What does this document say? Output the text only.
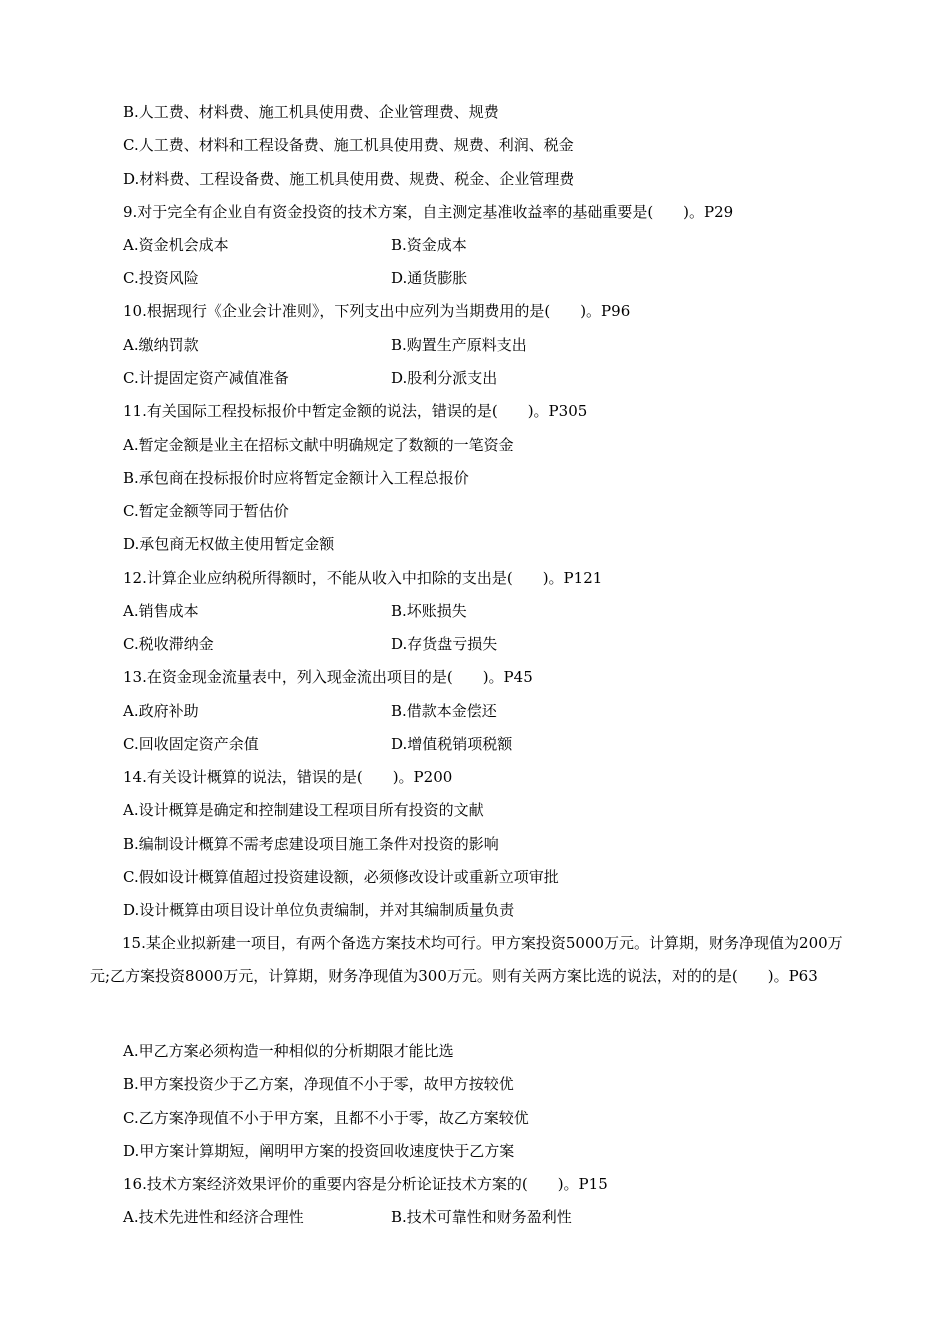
B.人工费、材料费、施工机具使用费、企业管理费、规费
C.人工费、材料和工程设备费、施工机具使用费、规费、利润、税金
D.材料费、工程设备费、施工机具使用费、规费、税金、企业管理费
9.对于完全有企业自有资金投资的技术方案，自主测定基准收益率的基础重要是(　　)。P29
A.资金机会成本	B.资金成本
C.投资风险	D.通货膨胀
10.根据现行《企业会计准则》，下列支出中应列为当期费用的是(　　)。P96
A.缴纳罚款	B.购置生产原料支出
C.计提固定资产减值准备	D.股利分派支出
11.有关国际工程投标报价中暂定金额的说法，错误的是(　　)。P305
A.暂定金额是业主在招标文献中明确规定了数额的一笔资金
B.承包商在投标报价时应将暂定金额计入工程总报价
C.暂定金额等同于暂估价
D.承包商无权做主使用暂定金额
12.计算企业应纳税所得额时，不能从收入中扣除的支出是(　　)。P121
A.销售成本	B.坏账损失
C.税收滞纳金	D.存货盘亏损失
13.在资金现金流量表中，列入现金流出项目的是(　　)。P45
A.政府补助	B.借款本金偿还
C.回收固定资产余值	D.增值税销项税额
14.有关设计概算的说法，错误的是(　　)。P200
A.设计概算是确定和控制建设工程项目所有投资的文献
B.编制设计概算不需考虑建设项目施工条件对投资的影响
C.假如设计概算值超过投资建设额，必须修改设计或重新立项审批
D.设计概算由项目设计单位负责编制，并对其编制质量负责
15.某企业拟新建一项目，有两个备选方案技术均可行。甲方案投资5000万元。计算期，财务净现值为200万元;乙方案投资8000万元，计算期，财务净现值为300万元。则有关两方案比选的说法，对的的是(　　)。P63
A.甲乙方案必须构造一种相似的分析期限才能比选
B.甲方案投资少于乙方案，净现值不小于零，故甲方按较优
C.乙方案净现值不小于甲方案，且都不小于零，故乙方案较优
D.甲方案计算期短，阐明甲方案的投资回收速度快于乙方案
16.技术方案经济效果评价的重要内容是分析论证技术方案的(　　)。P15
A.技术先进性和经济合理性	B.技术可靠性和财务盈利性
